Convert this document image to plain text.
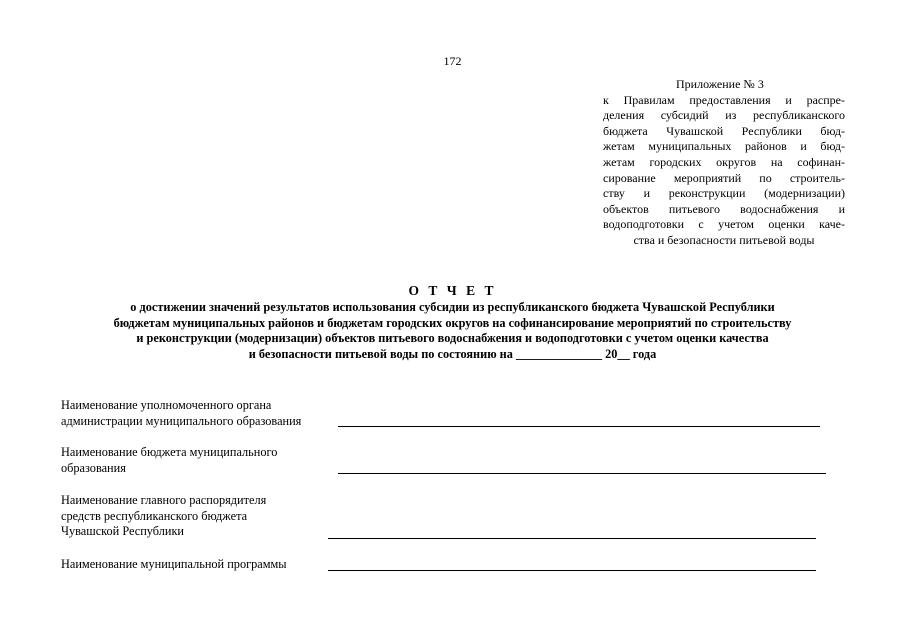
172
Приложение № 3
к Правилам предоставления и распре-
деления субсидий из республиканского
бюджета Чувашской Республики бюд-
жетам муниципальных районов и бюд-
жетам городских округов на софинан-
сирование мероприятий по строитель-
ству и реконструкции (модернизации)
объектов питьевого водоснабжения и
водоподготовки с учетом оценки каче-
ства и безопасности питьевой воды
О Т Ч Е Т
о достижении значений результатов использования субсидии из республиканского бюджета Чувашской Республики
бюджетам муниципальных районов и бюджетам городских округов на софинансирование мероприятий по строительству
и реконструкции (модернизации) объектов питьевого водоснабжения и водоподготовки с учетом оценки качества
и безопасности питьевой воды по состоянию на ______________ 20__ года
Наименование уполномоченного органа
администрации муниципального образования
Наименование бюджета муниципального
образования
Наименование главного распорядителя
средств республиканского бюджета
Чувашской Республики
Наименование муниципальной программы
